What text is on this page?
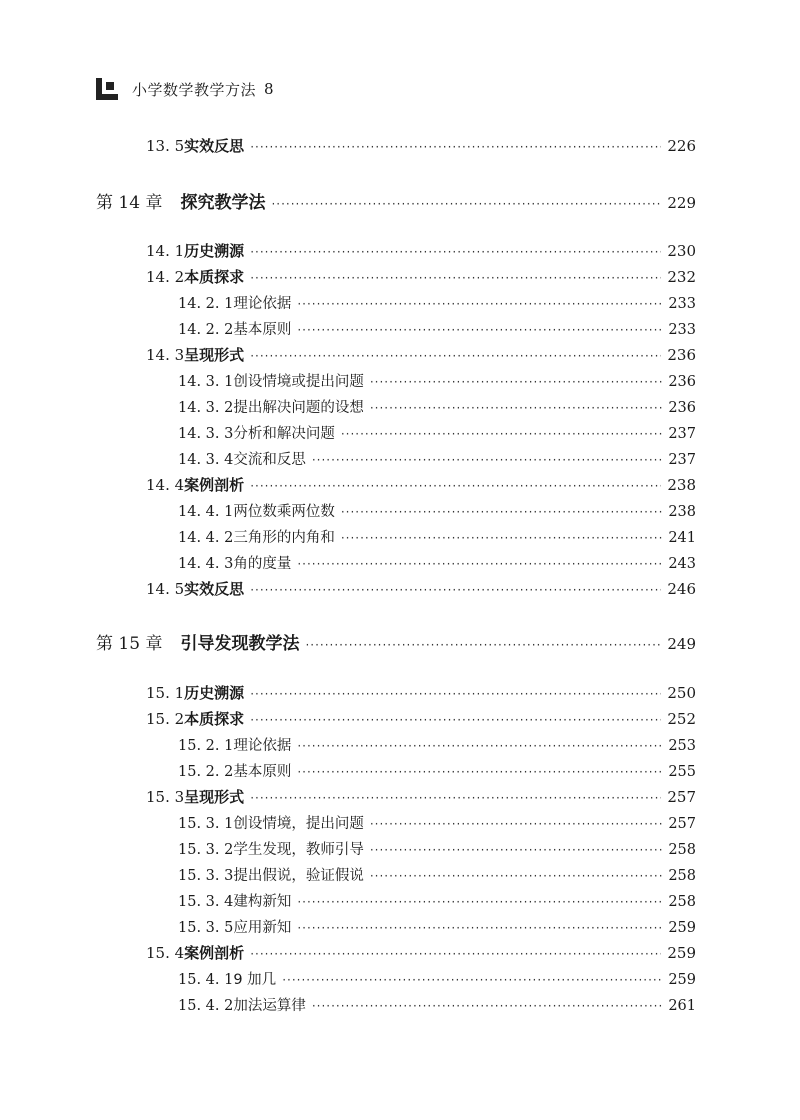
小学数学教学方法 8
13. 5 实效反思 ·····	226
第 14 章 探究教学法 ·····	229
14. 1 历史溯源 ·····	230
14. 2 本质探求 ·····	232
14. 2. 1 理论依据 ·····	233
14. 2. 2 基本原则 ·····	233
14. 3 呈现形式 ·····	236
14. 3. 1 创设情境或提出问题 ·····	236
14. 3. 2 提出解决问题的设想 ·····	236
14. 3. 3 分析和解决问题 ·····	237
14. 3. 4 交流和反思 ·····	237
14. 4 案例剖析 ·····	238
14. 4. 1 两位数乘两位数 ·····	238
14. 4. 2 三角形的内角和 ·····	241
14. 4. 3 角的度量 ·····	243
14. 5 实效反思 ·····	246
第 15 章 引导发现教学法 ·····	249
15. 1 历史溯源 ·····	250
15. 2 本质探求 ·····	252
15. 2. 1 理论依据 ·····	253
15. 2. 2 基本原则 ·····	255
15. 3 呈现形式 ·····	257
15. 3. 1 创设情境，提出问题 ·····	257
15. 3. 2 学生发现，教师引导 ·····	258
15. 3. 3 提出假说，验证假说 ·····	258
15. 3. 4 建构新知 ·····	258
15. 3. 5 应用新知 ·····	259
15. 4 案例剖析 ·····	259
15. 4. 1 9 加几 ·····	259
15. 4. 2 加法运算律 ·····	261
